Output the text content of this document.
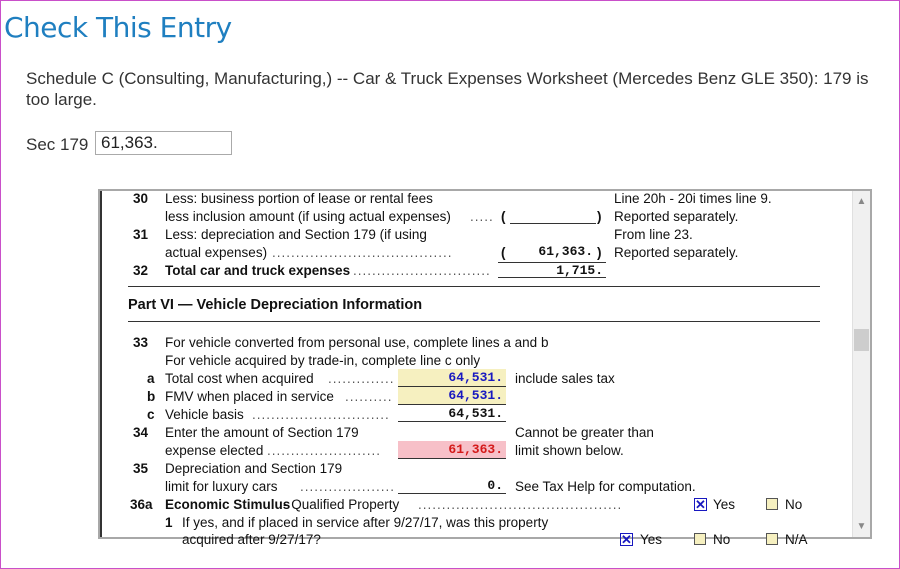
Check This Entry
Schedule C (Consulting, Manufacturing,) -- Car & Truck Expenses Worksheet (Mercedes Benz GLE 350): 179 is too large.
Sec 179
61,363.
30 Less: business portion of lease or rental fees	Line 20h - 20i times line 9.
less inclusion amount (if using actual expenses) ..... (	) Reported separately.
31 Less: depreciation and Section 179 (if using	From line 23.
actual expenses) ......................................	(	61,363. ) Reported separately.
32 Total car and truck expenses .............................	1,715.
Part VI — Vehicle Depreciation Information
33 For vehicle converted from personal use, complete lines a and b
For vehicle acquired by trade-in, complete line c only
a Total cost when acquired ..............	64,531. include sales tax
b FMV when placed in service ..........	64,531.
c Vehicle basis .............................	64,531.
34 Enter the amount of Section 179	Cannot be greater than
expense elected ........................	61,363. limit shown below.
35 Depreciation and Section 179
limit for luxury cars ....................	0. See Tax Help for computation.
36a Economic Stimulus
- Qualified Property ...........................................	✕ Yes	No
1 If yes, and if placed in service after 9/27/17, was this property
acquired after 9/27/17?	✕ Yes	No	N/A
▲
▼
